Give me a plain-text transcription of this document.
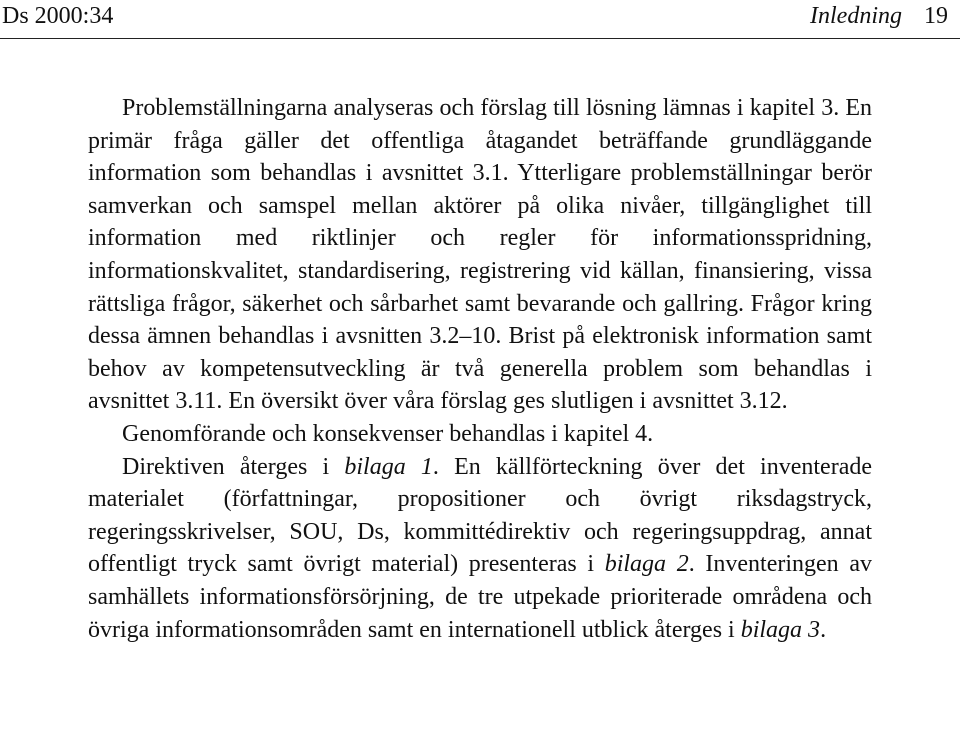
Ds 2000:34	Inledning 19

Problemställningarna analyseras och förslag till lösning lämnas i kapitel 3. En primär fråga gäller det offentliga åtagandet beträffande grundläggande information som behandlas i avsnittet 3.1. Ytterligare problemställningar berör samverkan och samspel mellan aktörer på olika nivåer, tillgänglighet till information med riktlinjer och regler för informationsspridning, informationskvalitet, standardisering, registrering vid källan, finansiering, vissa rättsliga frågor, säkerhet och sårbarhet samt bevarande och gallring. Frågor kring dessa ämnen behandlas i avsnitten 3.2–10. Brist på elektronisk information samt behov av kompetensutveckling är två generella problem som behandlas i avsnittet 3.11. En översikt över våra förslag ges slutligen i avsnittet 3.12.

Genomförande och konsekvenser behandlas i kapitel 4.

Direktiven återges i bilaga 1. En källförteckning över det inventerade materialet (författningar, propositioner och övrigt riksdagstryck, regeringsskrivelser, SOU, Ds, kommittédirektiv och regeringsuppdrag, annat offentligt tryck samt övrigt material) presenteras i bilaga 2. Inventeringen av samhällets informationsförsörjning, de tre utpekade prioriterade områdena och övriga informationsområden samt en internationell utblick återges i bilaga 3.
